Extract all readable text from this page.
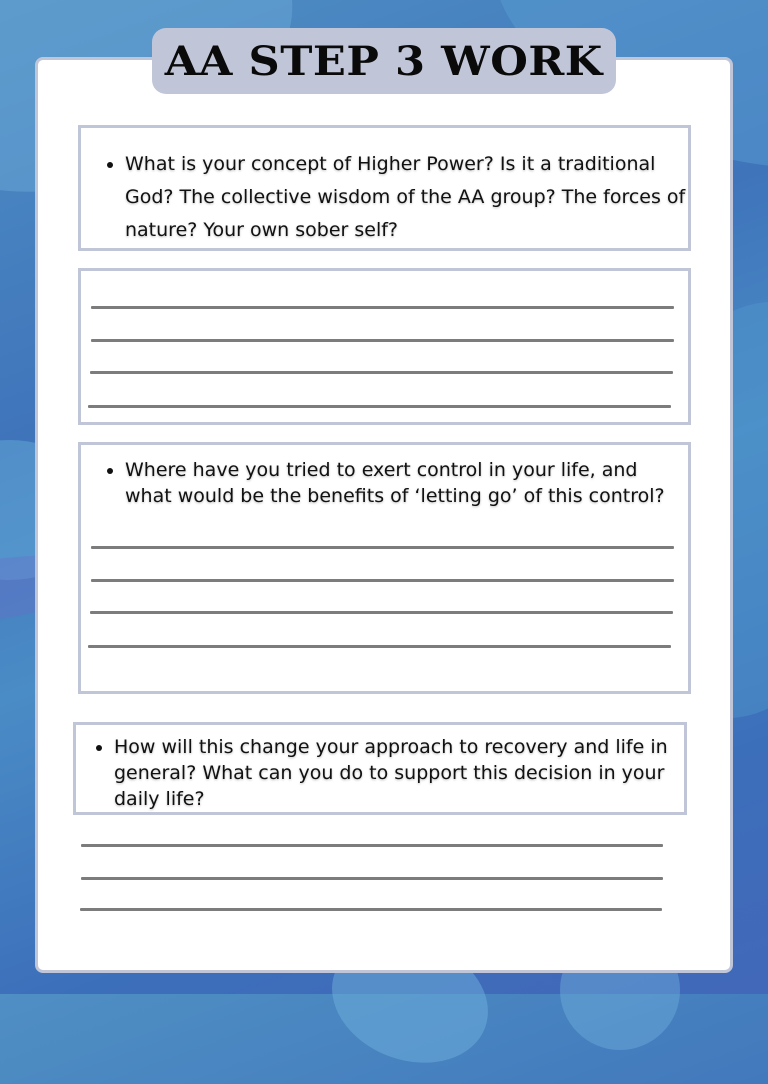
AA STEP 3 WORK
• What is your concept of Higher Power? Is it a traditional God? The collective wisdom of the AA group? The forces of nature? Your own sober self?
• Where have you tried to exert control in your life, and what would be the benefits of ‘letting go’ of this control?
• How will this change your approach to recovery and life in general? What can you do to support this decision in your daily life?
